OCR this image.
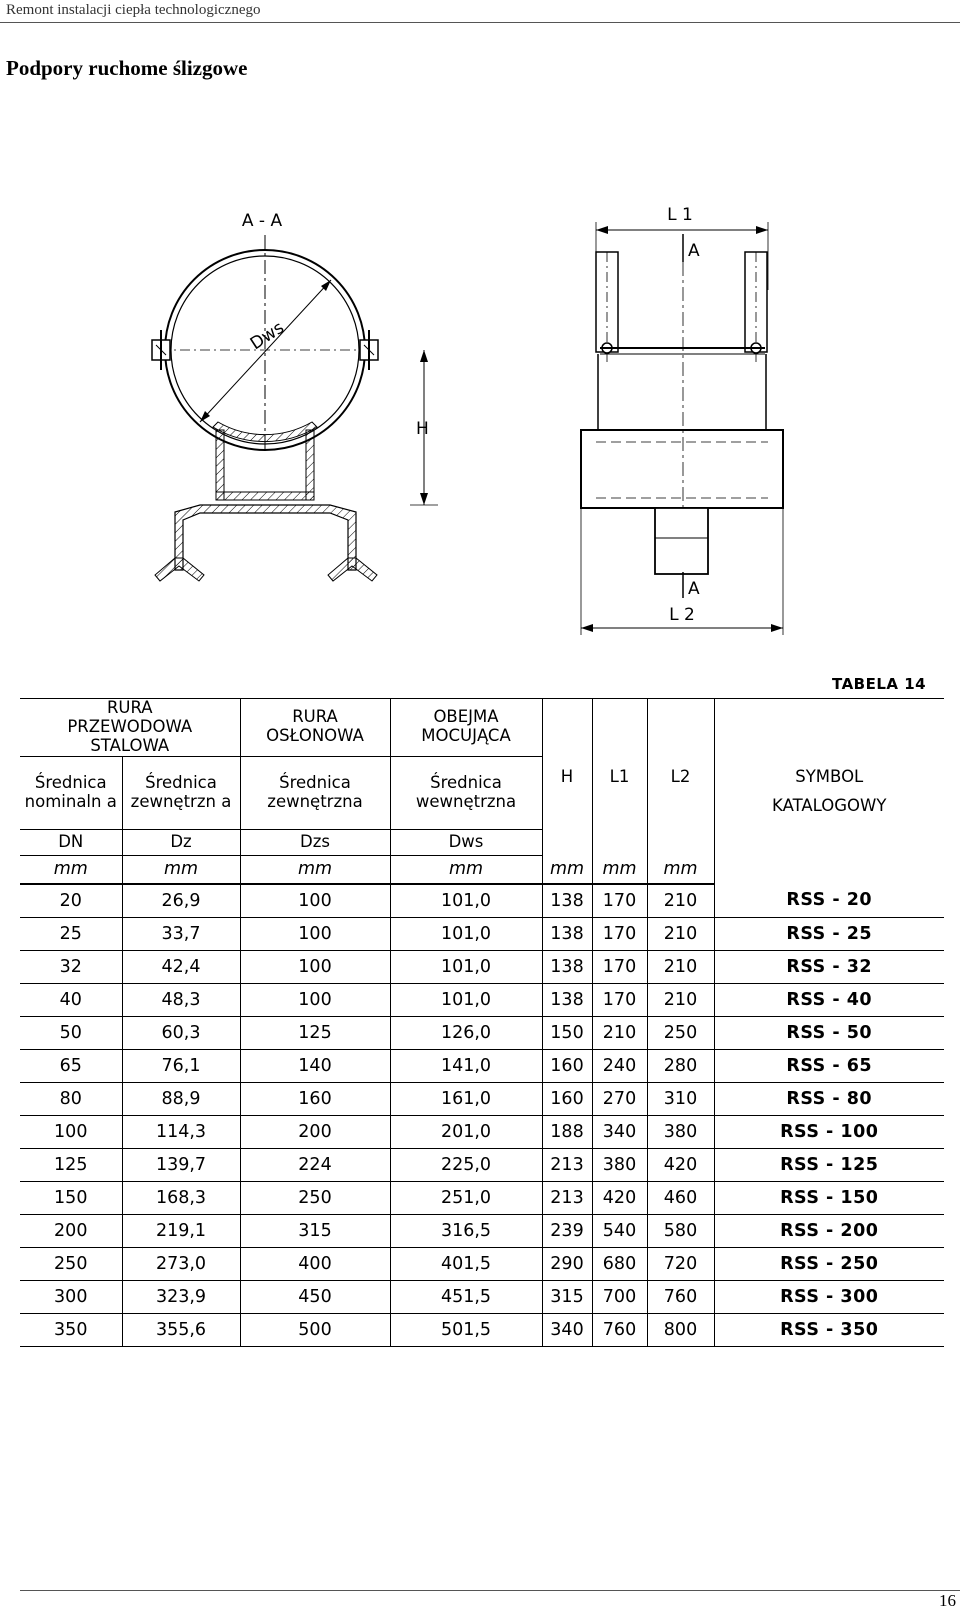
Remont instalacji ciepła technologicznego
Podpory ruchome ślizgowe
A - A
Dws
H
L 1
A
A
L 2
TABELA 14
RURA PRZEWODOWA STALOWA		RURA OSŁONOWA	OBEJMA MOCUJĄCA	H	L1	L2	SYMBOL KATALOGOWY
Średnica nominaln a	Średnica zewnętrzn a	Średnica zewnętrzna	Średnica wewnętrzna				
DN	Dz	Dzs	Dws				
mm	mm	mm	mm	mm	mm	mm	
20	26,9	100	101,0	138	170	210	RSS - 20
25	33,7	100	101,0	138	170	210	RSS - 25
32	42,4	100	101,0	138	170	210	RSS - 32
40	48,3	100	101,0	138	170	210	RSS - 40
50	60,3	125	126,0	150	210	250	RSS - 50
65	76,1	140	141,0	160	240	280	RSS - 65
80	88,9	160	161,0	160	270	310	RSS - 80
100	114,3	200	201,0	188	340	380	RSS - 100
125	139,7	224	225,0	213	380	420	RSS - 125
150	168,3	250	251,0	213	420	460	RSS - 150
200	219,1	315	316,5	239	540	580	RSS - 200
250	273,0	400	401,5	290	680	720	RSS - 250
300	323,9	450	451,5	315	700	760	RSS - 300
350	355,6	500	501,5	340	760	800	RSS - 350
16
